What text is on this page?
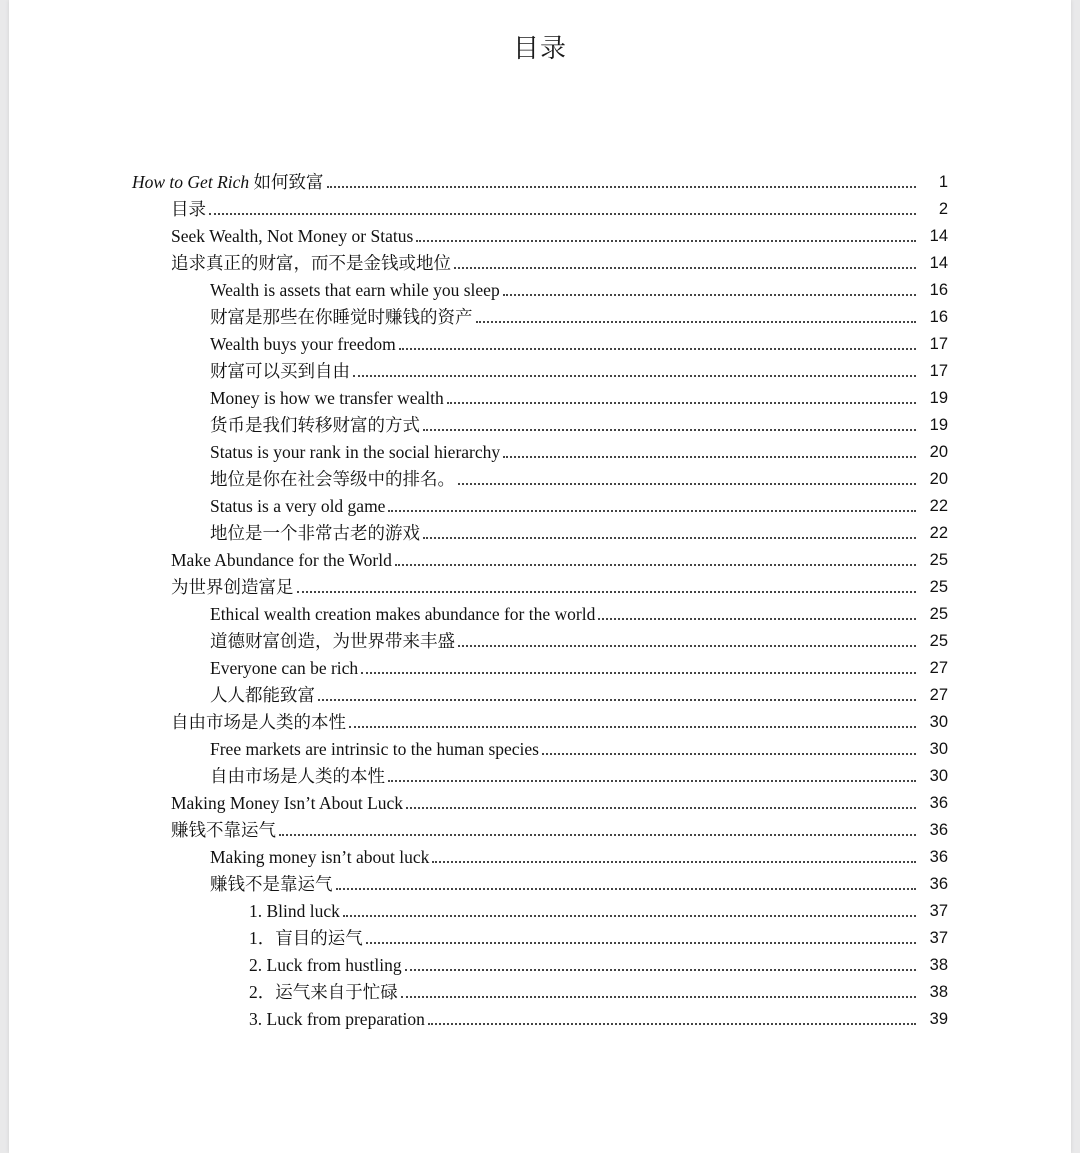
目录
How to Get Rich 如何致富	1
目录	2
Seek Wealth, Not Money or Status	14
追求真正的财富，而不是金钱或地位	14
Wealth is assets that earn while you sleep	16
财富是那些在你睡觉时赚钱的资产	16
Wealth buys your freedom	17
财富可以买到自由	17
Money is how we transfer wealth	19
货币是我们转移财富的方式	19
Status is your rank in the social hierarchy	20
地位是你在社会等级中的排名。	20
Status is a very old game	22
地位是一个非常古老的游戏	22
Make Abundance for the World	25
为世界创造富足	25
Ethical wealth creation makes abundance for the world	25
道德财富创造，为世界带来丰盛	25
Everyone can be rich	27
人人都能致富	27
自由市场是人类的本性	30
Free markets are intrinsic to the human species	30
自由市场是人类的本性	30
Making Money Isn’t About Luck	36
赚钱不靠运气	36
Making money isn’t about luck	36
赚钱不是靠运气	36
1. Blind luck	37
1．盲目的运气	37
2. Luck from hustling	38
2．运气来自于忙碌	38
3. Luck from preparation	39
